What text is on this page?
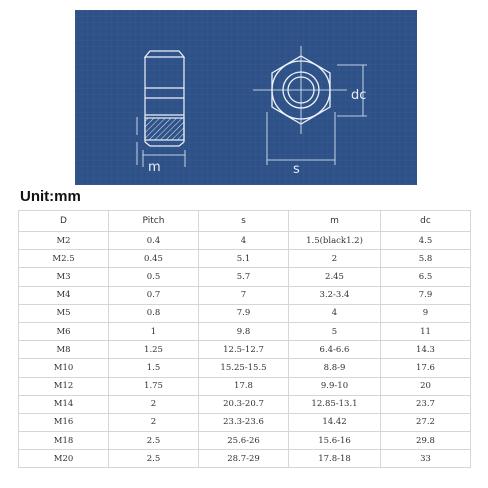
m	s
dc
Unit:mm
D	Pitch	s	m	dc
M2	0.4	4	1.5(black1.2)	4.5
M2.5	0.45	5.1	2	5.8
M3	0.5	5.7	2.45	6.5
M4	0.7	7	3.2-3.4	7.9
M5	0.8	7.9	4	9
M6	1	9.8	5	11
M8	1.25	12.5-12.7	6.4-6.6	14.3
M10	1.5	15.25-15.5	8.8-9	17.6
M12	1.75	17.8	9.9-10	20
M14	2	20.3-20.7	12.85-13.1	23.7
M16	2	23.3-23.6	14.42	27.2
M18	2.5	25.6-26	15.6-16	29.8
M20	2.5	28.7-29	17.8-18	33
